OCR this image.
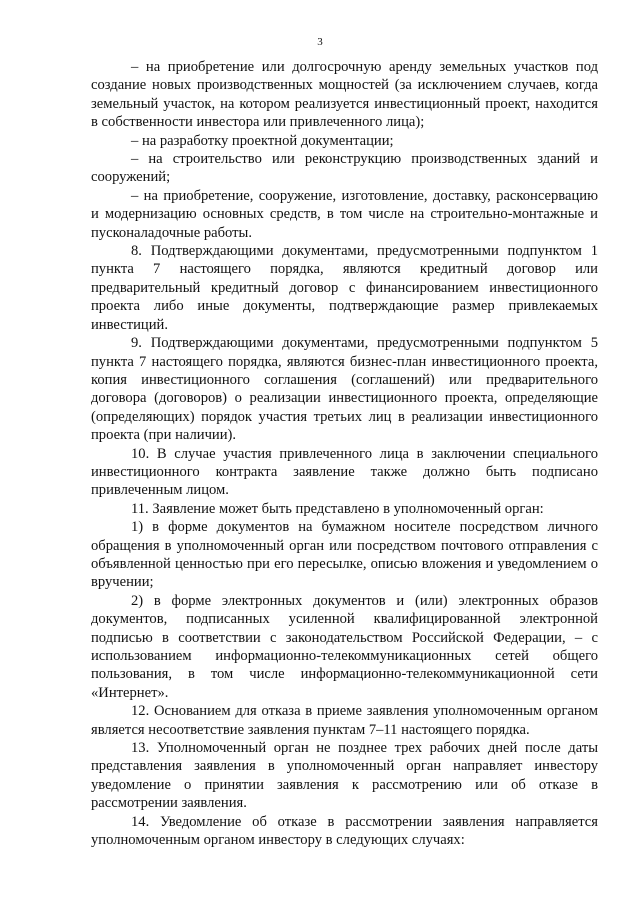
3

– на приобретение или долгосрочную аренду земельных участков под создание новых производственных мощностей (за исключением случаев, когда земельный участок, на котором реализуется инвестиционный проект, находится в собственности инвестора или привлеченного лица);

– на разработку проектной документации;

– на строительство или реконструкцию производственных зданий и сооружений;

– на приобретение, сооружение, изготовление, доставку, расконсервацию и модернизацию основных средств, в том числе на строительно-монтажные и пусконаладочные работы.

8. Подтверждающими документами, предусмотренными подпунктом 1 пункта 7 настоящего порядка, являются кредитный договор или предварительный кредитный договор с финансированием инвестиционного проекта либо иные документы, подтверждающие размер привлекаемых инвестиций.

9. Подтверждающими документами, предусмотренными подпунктом 5 пункта 7 настоящего порядка, являются бизнес-план инвестиционного проекта, копия инвестиционного соглашения (соглашений) или предварительного договора (договоров) о реализации инвестиционного проекта, определяющие (определяющих) порядок участия третьих лиц в реализации инвестиционного проекта (при наличии).

10. В случае участия привлеченного лица в заключении специального инвестиционного контракта заявление также должно быть подписано привлеченным лицом.

11. Заявление может быть представлено в уполномоченный орган:

1) в форме документов на бумажном носителе посредством личного обращения в уполномоченный орган или посредством почтового отправления с объявленной ценностью при его пересылке, описью вложения и уведомлением о вручении;

2) в форме электронных документов и (или) электронных образов документов, подписанных усиленной квалифицированной электронной подписью в соответствии с законодательством Российской Федерации, – с использованием информационно-телекоммуникационных сетей общего пользования, в том числе информационно-телекоммуникационной сети «Интернет».

12. Основанием для отказа в приеме заявления уполномоченным органом является несоответствие заявления пунктам 7–11 настоящего порядка.

13. Уполномоченный орган не позднее трех рабочих дней после даты представления заявления в уполномоченный орган направляет инвестору уведомление о принятии заявления к рассмотрению или об отказе в рассмотрении заявления.

14. Уведомление об отказе в рассмотрении заявления направляется уполномоченным органом инвестору в следующих случаях:
